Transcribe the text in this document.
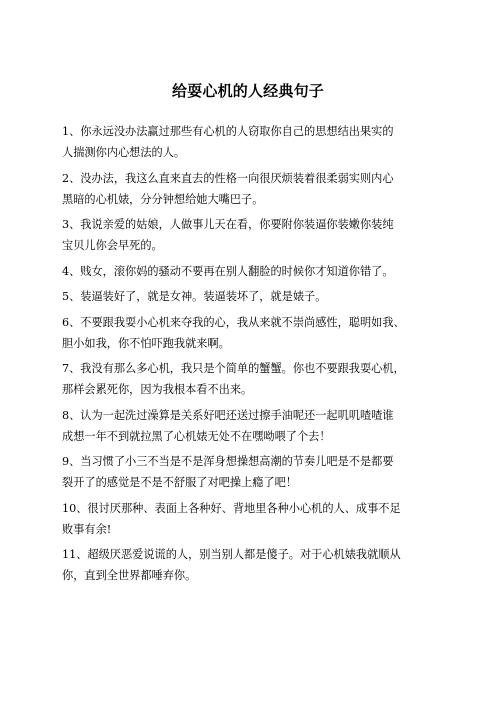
给耍心机的人经典句子
1、你永远没办法赢过那些有心机的人窃取你自己的思想结出果实的
人揣测你内心想法的人。
2、没办法，我这么直来直去的性格一向很厌烦装着很柔弱实则内心
黑暗的心机婊，分分钟想给她大嘴巴子。
3、我说亲爱的姑娘，人做事儿天在看，你要附你装逼你装嫩你装纯
宝贝儿你会早死的。
4、贱女，滚你妈的骚动不要再在别人翻脸的时候你才知道你错了。
5、装逼装好了，就是女神。装逼装坏了，就是婊子。
6、不要跟我耍小心机来夺我的心，我从来就不崇尚感性，聪明如我、
胆小如我，你不怕吓跑我就来啊。
7、我没有那么多心机，我只是个简单的蟹蟹。你也不要跟我耍心机，
那样会累死你，因为我根本看不出来。
8、认为一起洗过澡算是关系好吧还送过擦手油呢还一起叽叽喳喳谁
成想一年不到就拉黑了心机婊无处不在嘿呦喂了个去！
9、当习惯了小三不当是不是浑身想操想高潮的节奏儿吧是不是都要
裂开了的感觉是不是不舒服了对吧操上瘾了吧！
10、很讨厌那种、表面上各种好、背地里各种小心机的人、成事不足
败事有余!
11、超级厌恶爱说谎的人，别当别人都是傻子。对于心机婊我就顺从
你，直到全世界都唾弃你。
